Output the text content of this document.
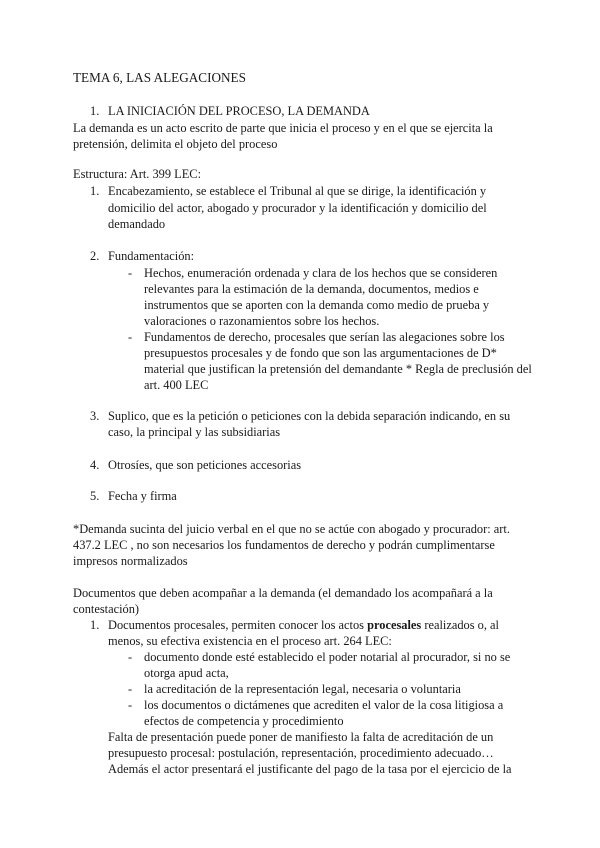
TEMA 6, LAS ALEGACIONES
1. LA INICIACIÓN DEL PROCESO, LA DEMANDA
La demanda es un acto escrito de parte que inicia el proceso y en el que se ejercita la
pretensión, delimita el objeto del proceso
Estructura: Art. 399 LEC:
1. Encabezamiento, se establece el Tribunal al que se dirige, la identificación y
domicilio del actor, abogado y procurador y la identificación y domicilio del
demandado
2. Fundamentación:
- Hechos, enumeración ordenada y clara de los hechos que se consideren
relevantes para la estimación de la demanda, documentos, medios e
instrumentos que se aporten con la demanda como medio de prueba y
valoraciones o razonamientos sobre los hechos.
- Fundamentos de derecho, procesales que serían las alegaciones sobre los
presupuestos procesales y de fondo que son las argumentaciones de D*
material que justifican la pretensión del demandante * Regla de preclusión del
art. 400 LEC
3. Suplico, que es la petición o peticiones con la debida separación indicando, en su
caso, la principal y las subsidiarias
4. Otrosíes, que son peticiones accesorias
5. Fecha y firma
*Demanda sucinta del juicio verbal en el que no se actúe con abogado y procurador: art.
437.2 LEC , no son necesarios los fundamentos de derecho y podrán cumplimentarse
impresos normalizados
Documentos que deben acompañar a la demanda (el demandado los acompañará a la
contestación)
1. Documentos procesales, permiten conocer los actos procesales realizados o, al
menos, su efectiva existencia en el proceso art. 264 LEC:
- documento donde esté establecido el poder notarial al procurador, si no se
otorga apud acta,
- la acreditación de la representación legal, necesaria o voluntaria
- los documentos o dictámenes que acrediten el valor de la cosa litigiosa a
efectos de competencia y procedimiento
Falta de presentación puede poner de manifiesto la falta de acreditación de un
presupuesto procesal: postulación, representación, procedimiento adecuado…
Además el actor presentará el justificante del pago de la tasa por el ejercicio de la
